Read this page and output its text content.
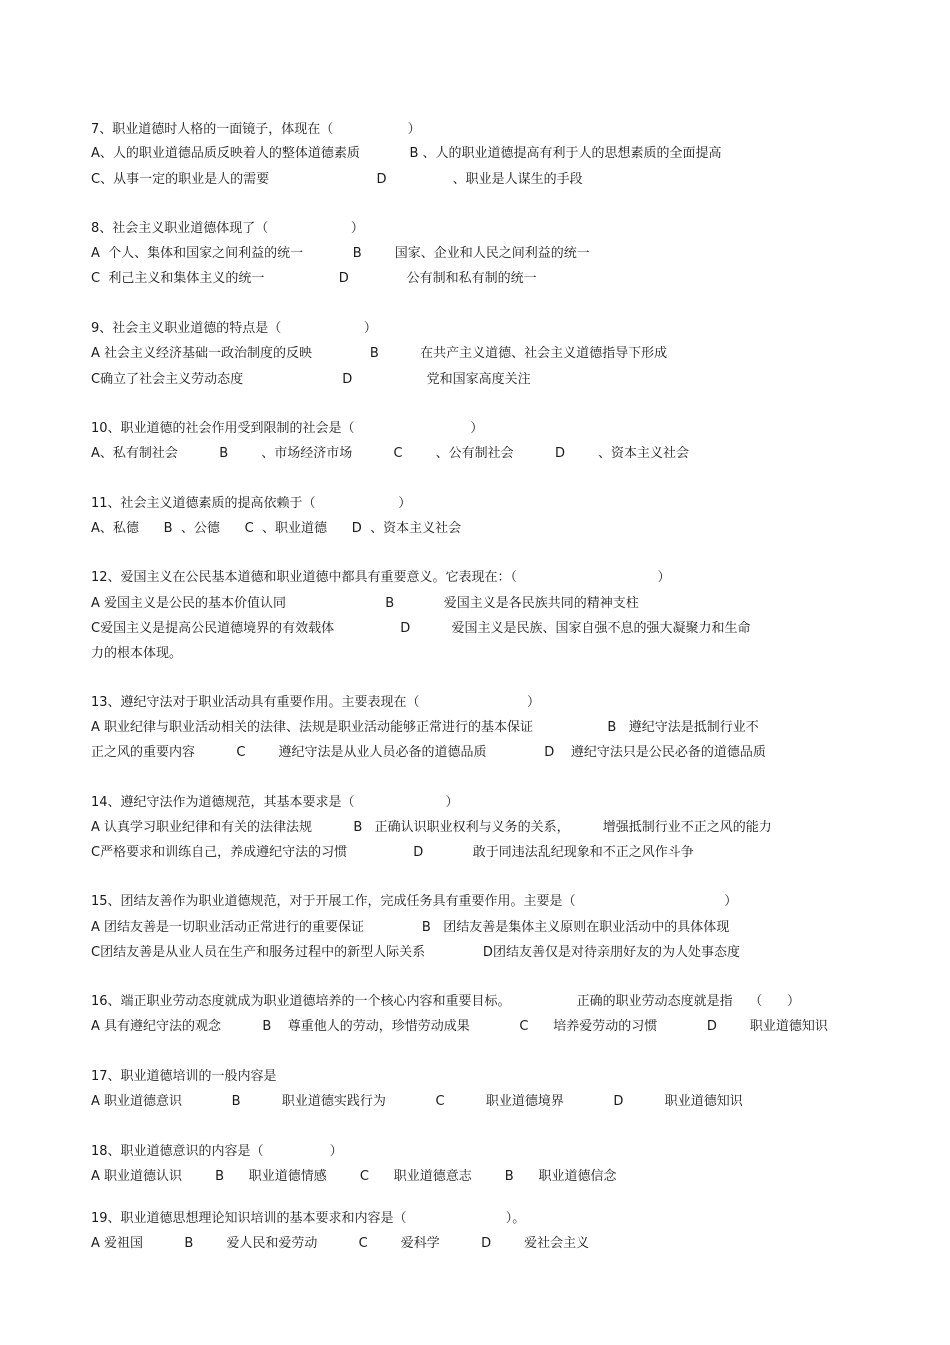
7、职业道德时人格的一面镜子，体现在（                  ）

A、人的职业道德品质反映着人的整体道德素质            B 、人的职业道德提高有利于人的思想素质的全面提高

C、从事一定的职业是人的需要                          D                、职业是人谋生的手段

8、社会主义职业道德体现了（                    ）

A  个人、集体和国家之间利益的统一            B        国家、企业和人民之间利益的统一

C  利己主义和集体主义的统一                  D              公有制和私有制的统一

9、社会主义职业道德的特点是（                    ）

A 社会主义经济基础一政治制度的反映              B          在共产主义道德、社会主义道德指导下形成

C确立了社会主义劳动态度                        D                  党和国家高度关注

10、职业道德的社会作用受到限制的社会是（                            ）

A、私有制社会          B        、市场经济市场          C        、公有制社会          D        、资本主义社会

11、社会主义道德素质的提高依赖于（                    ）

A、私德      B  、公德      C  、职业道德      D  、资本主义社会

12、爱国主义在公民基本道德和职业道德中都具有重要意义。它表现在：（                                  ）

A 爱国主义是公民的基本价值认同                        B            爱国主义是各民族共同的精神支柱

C爱国主义是提高公民道德境界的有效载体                D          爱国主义是民族、国家自强不息的强大凝聚力和生命

力的根本体现。

13、遵纪守法对于职业活动具有重要作用。主要表现在（                          ）

A 职业纪律与职业活动相关的法律、法规是职业活动能够正常进行的基本保证                  B   遵纪守法是抵制行业不

正之风的重要内容          C        遵纪守法是从业人员必备的道德品质              D    遵纪守法只是公民必备的道德品质

14、遵纪守法作为道德规范，其基本要求是（                      ）

A 认真学习职业纪律和有关的法律法规          B   正确认识职业权利与义务的关系，        增强抵制行业不正之风的能力

C严格要求和训练自己，养成遵纪守法的习惯                D            敢于同违法乱纪现象和不正之风作斗争

15、团结友善作为职业道德规范，对于开展工作，完成任务具有重要作用。主要是（                                    ）

A 团结友善是一切职业活动正常进行的重要保证              B   团结友善是集体主义原则在职业活动中的具体体现

C团结友善是从业人员在生产和服务过程中的新型人际关系              D团结友善仅是对待亲朋好友的为人处事态度

16、端正职业劳动态度就成为职业道德培养的一个核心内容和重要目标。                正确的职业劳动态度就是指    （      ）

A 具有遵纪守法的观念          B    尊重他人的劳动，珍惜劳动成果            C      培养爱劳动的习惯            D        职业道德知识

17、职业道德培训的一般内容是

A 职业道德意识            B          职业道德实践行为            C          职业道德境界            D          职业道德知识

18、职业道德意识的内容是（                ）

A 职业道德认识        B      职业道德情感        C      职业道德意志        B      职业道德信念

19、职业道德思想理论知识培训的基本要求和内容是（                        ）。

A 爱祖国          B        爱人民和爱劳动          C        爱科学          D        爱社会主义
